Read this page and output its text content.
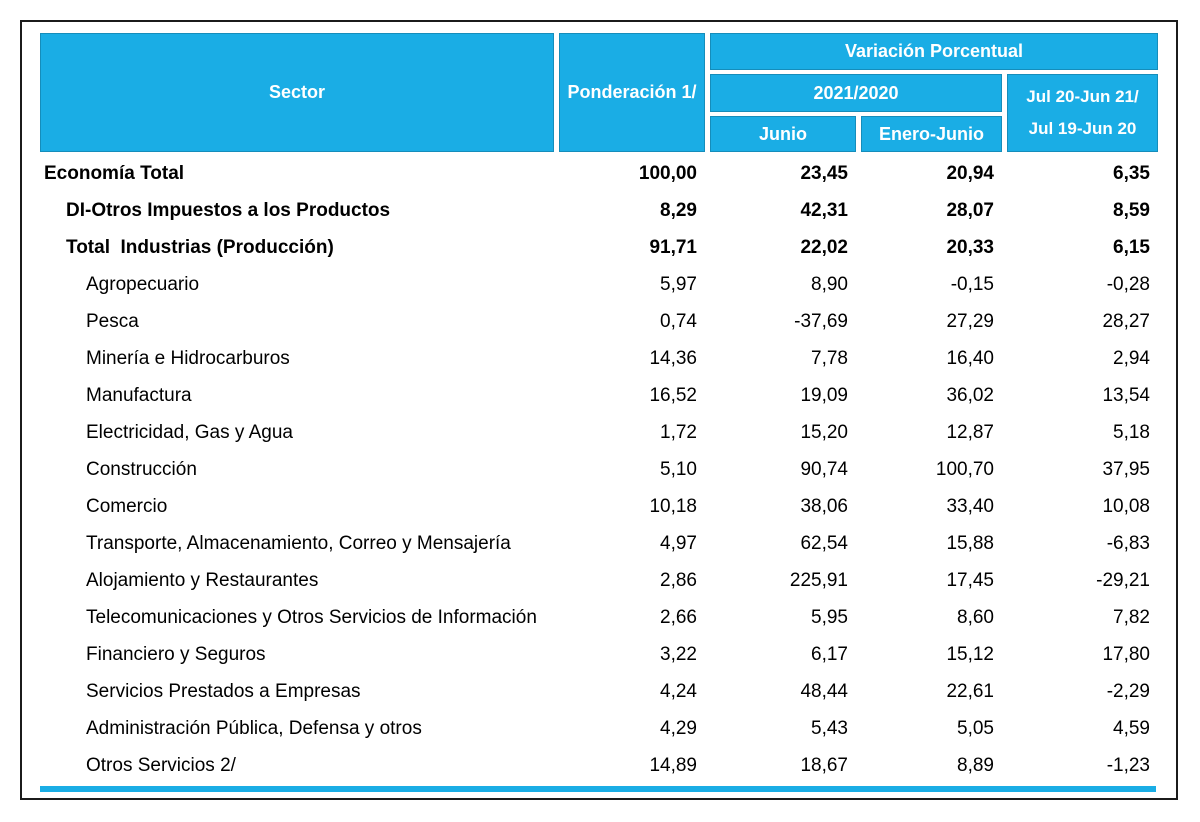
Sector	Ponderación 1/
Variación Porcentual
2021/2020	Jul 20-Jun 21/
Jul 19-Jun 20
Junio	Enero-Junio
Economía Total	100,00	23,45	20,94	6,35
DI-Otros Impuestos a los Productos	8,29	42,31	28,07	8,59
Total  Industrias (Producción)	91,71	22,02	20,33	6,15
Agropecuario	5,97	8,90	-0,15	-0,28
Pesca	0,74	-37,69	27,29	28,27
Minería e Hidrocarburos	14,36	7,78	16,40	2,94
Manufactura	16,52	19,09	36,02	13,54
Electricidad, Gas y Agua	1,72	15,20	12,87	5,18
Construcción	5,10	90,74	100,70	37,95
Comercio	10,18	38,06	33,40	10,08
Transporte, Almacenamiento, Correo y Mensajería	4,97	62,54	15,88	-6,83
Alojamiento y Restaurantes	2,86	225,91	17,45	-29,21
Telecomunicaciones y Otros Servicios de Información	2,66	5,95	8,60	7,82
Financiero y Seguros	3,22	6,17	15,12	17,80
Servicios Prestados a Empresas	4,24	48,44	22,61	-2,29
Administración Pública, Defensa y otros	4,29	5,43	5,05	4,59
Otros Servicios 2/	14,89	18,67	8,89	-1,23
